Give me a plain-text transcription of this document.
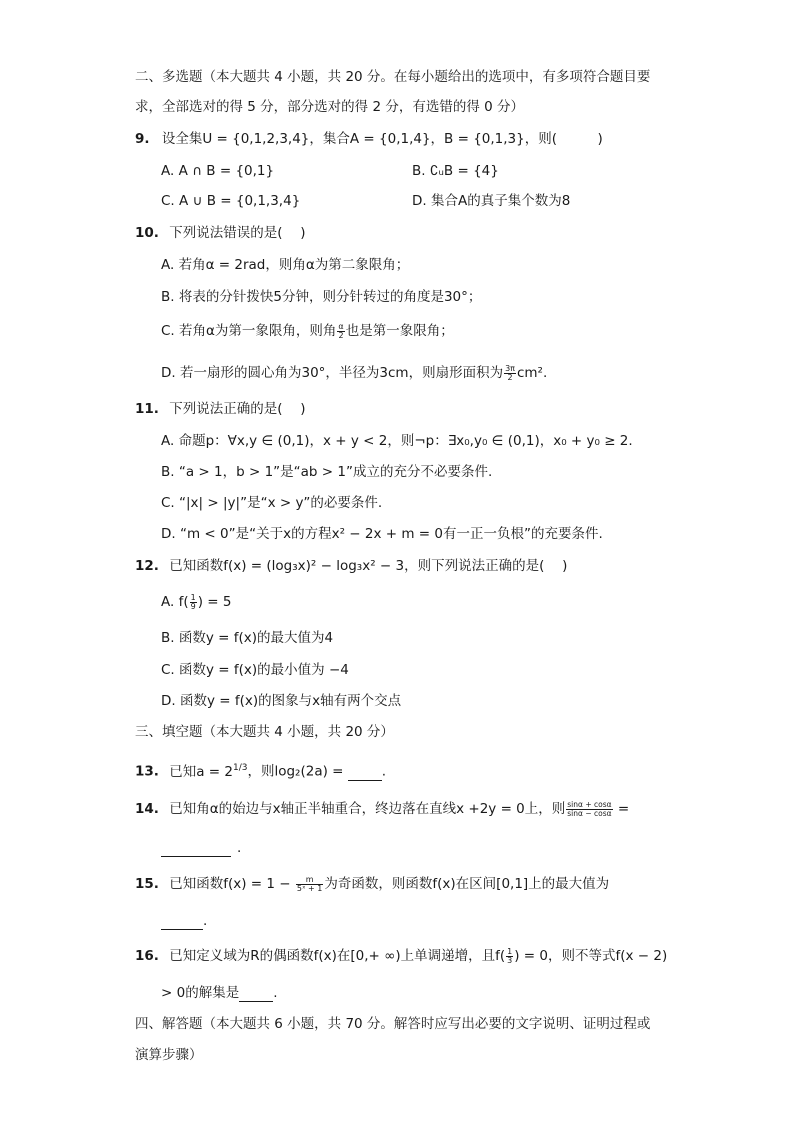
二、多选题（本大题共 4 小题，共 20 分。在每小题给出的选项中，有多项符合题目要
求，全部选对的得 5 分，部分选对的得 2 分，有选错的得 0 分）
9. 设全集U = {0,1,2,3,4}，集合A = {0,1,4}，B = {0,1,3}，则(　　　)
A. A ∩ B = {0,1}	B. ∁ᵤB = {4}
C. A ∪ B = {0,1,3,4}	D. 集合A的真子集个数为8
10. 下列说法错误的是(　 )
A. 若角α = 2rad，则角α为第二象限角；
B. 将表的分针拨快5分钟，则分针转过的角度是30°；
C. 若角α为第一象限角，则角 $\frac{\alpha}{2}$ 也是第一象限角；
D. 若一扇形的圆心角为30°，半径为3cm，则扇形面积为 $\frac{3\pi}{2} cm^2$.
11. 下列说法正确的是(　 )
A. 命题p：∀x,y ∈ (0,1)，x + y < 2，则¬p：∃x₀,y₀ ∈ (0,1)，x₀ + y₀ ≥ 2.
B. “a > 1，b > 1”是“ab > 1”成立的充分不必要条件.
C. “|x| > |y|”是“x > y”的必要条件.
D. “m < 0”是“关于x的方程x² − 2x + m = 0有一正一负根”的充要条件.
12. 已知函数f(x) = (log₃x)² − log₃x² − 3，则下列说法正确的是(　 )
A. $f( \frac{1}{9}$ ) = 5
B. 函数y = f(x)的最大值为4
C. 函数y = f(x)的最小值为 −4
D. 函数y = f(x)的图象与x轴有两个交点
三、填空题（本大题共 4 小题，共 20 分）
13. 已知$a = 2^{1/3}$，则log₂(2a) =	.
14. 已知角α的始边与x轴正半轴重合，终边落在直线x +2y = 0上，则 $\frac{\sin\alpha + \cos\alpha}{\sin\alpha - \cos\alpha}$ =
.
15. 已知函数$f(x) = 1 - \frac{m}{\text{5ˣ + 1}}$ 为奇函数，则函数f(x)在区间[0,1]上的最大值为
.
16. 已知定义域为R的偶函数f(x)在[0,+ ∞)上单调递增，且$f( \frac{1}{3}$ ) = 0，则不等式f(x − 2)
> 0的解集是	.
四、解答题（本大题共 6 小题，共 70 分。解答时应写出必要的文字说明、证明过程或
演算步骤）
